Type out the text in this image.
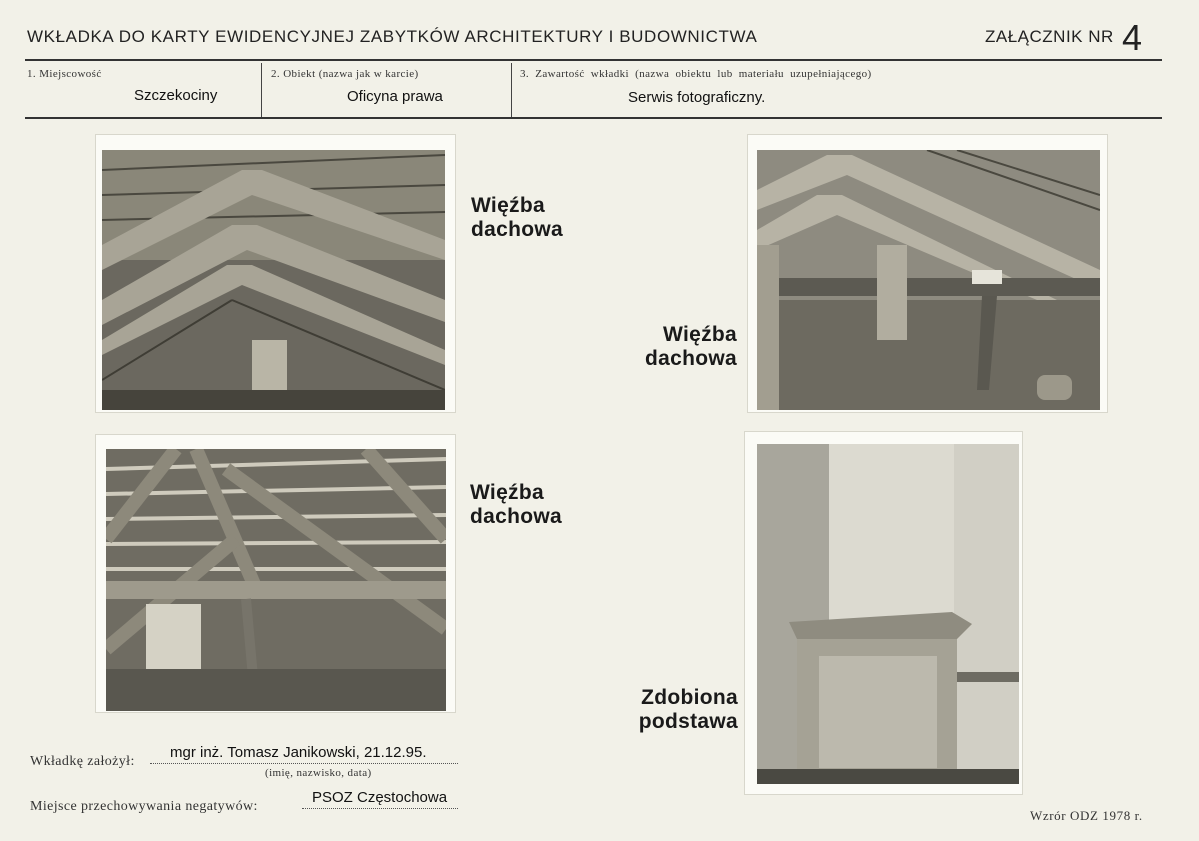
WKŁADKA DO KARTY EWIDENCYJNEJ ZABYTKÓW ARCHITEKTURY I BUDOWNICTWA	ZAŁĄCZNIK NR 4
1. Miejscowość
Szczekociny
2. Obiekt (nazwa jak w karcie)
Oficyna prawa
3. Zawartość wkładki (nazwa obiektu lub materiału uzupełniającego)
Serwis fotograficzny.
Więźba
dachowa
Więźba
dachowa
Więźba
dachowa
Zdobiona
podstawa
Wkładkę założył:
mgr inż. Tomasz Janikowski, 21.12.95.
(imię, nazwisko, data)
Miejsce przechowywania negatywów:
PSOZ Częstochowa
Wzrór ODZ 1978 r.
